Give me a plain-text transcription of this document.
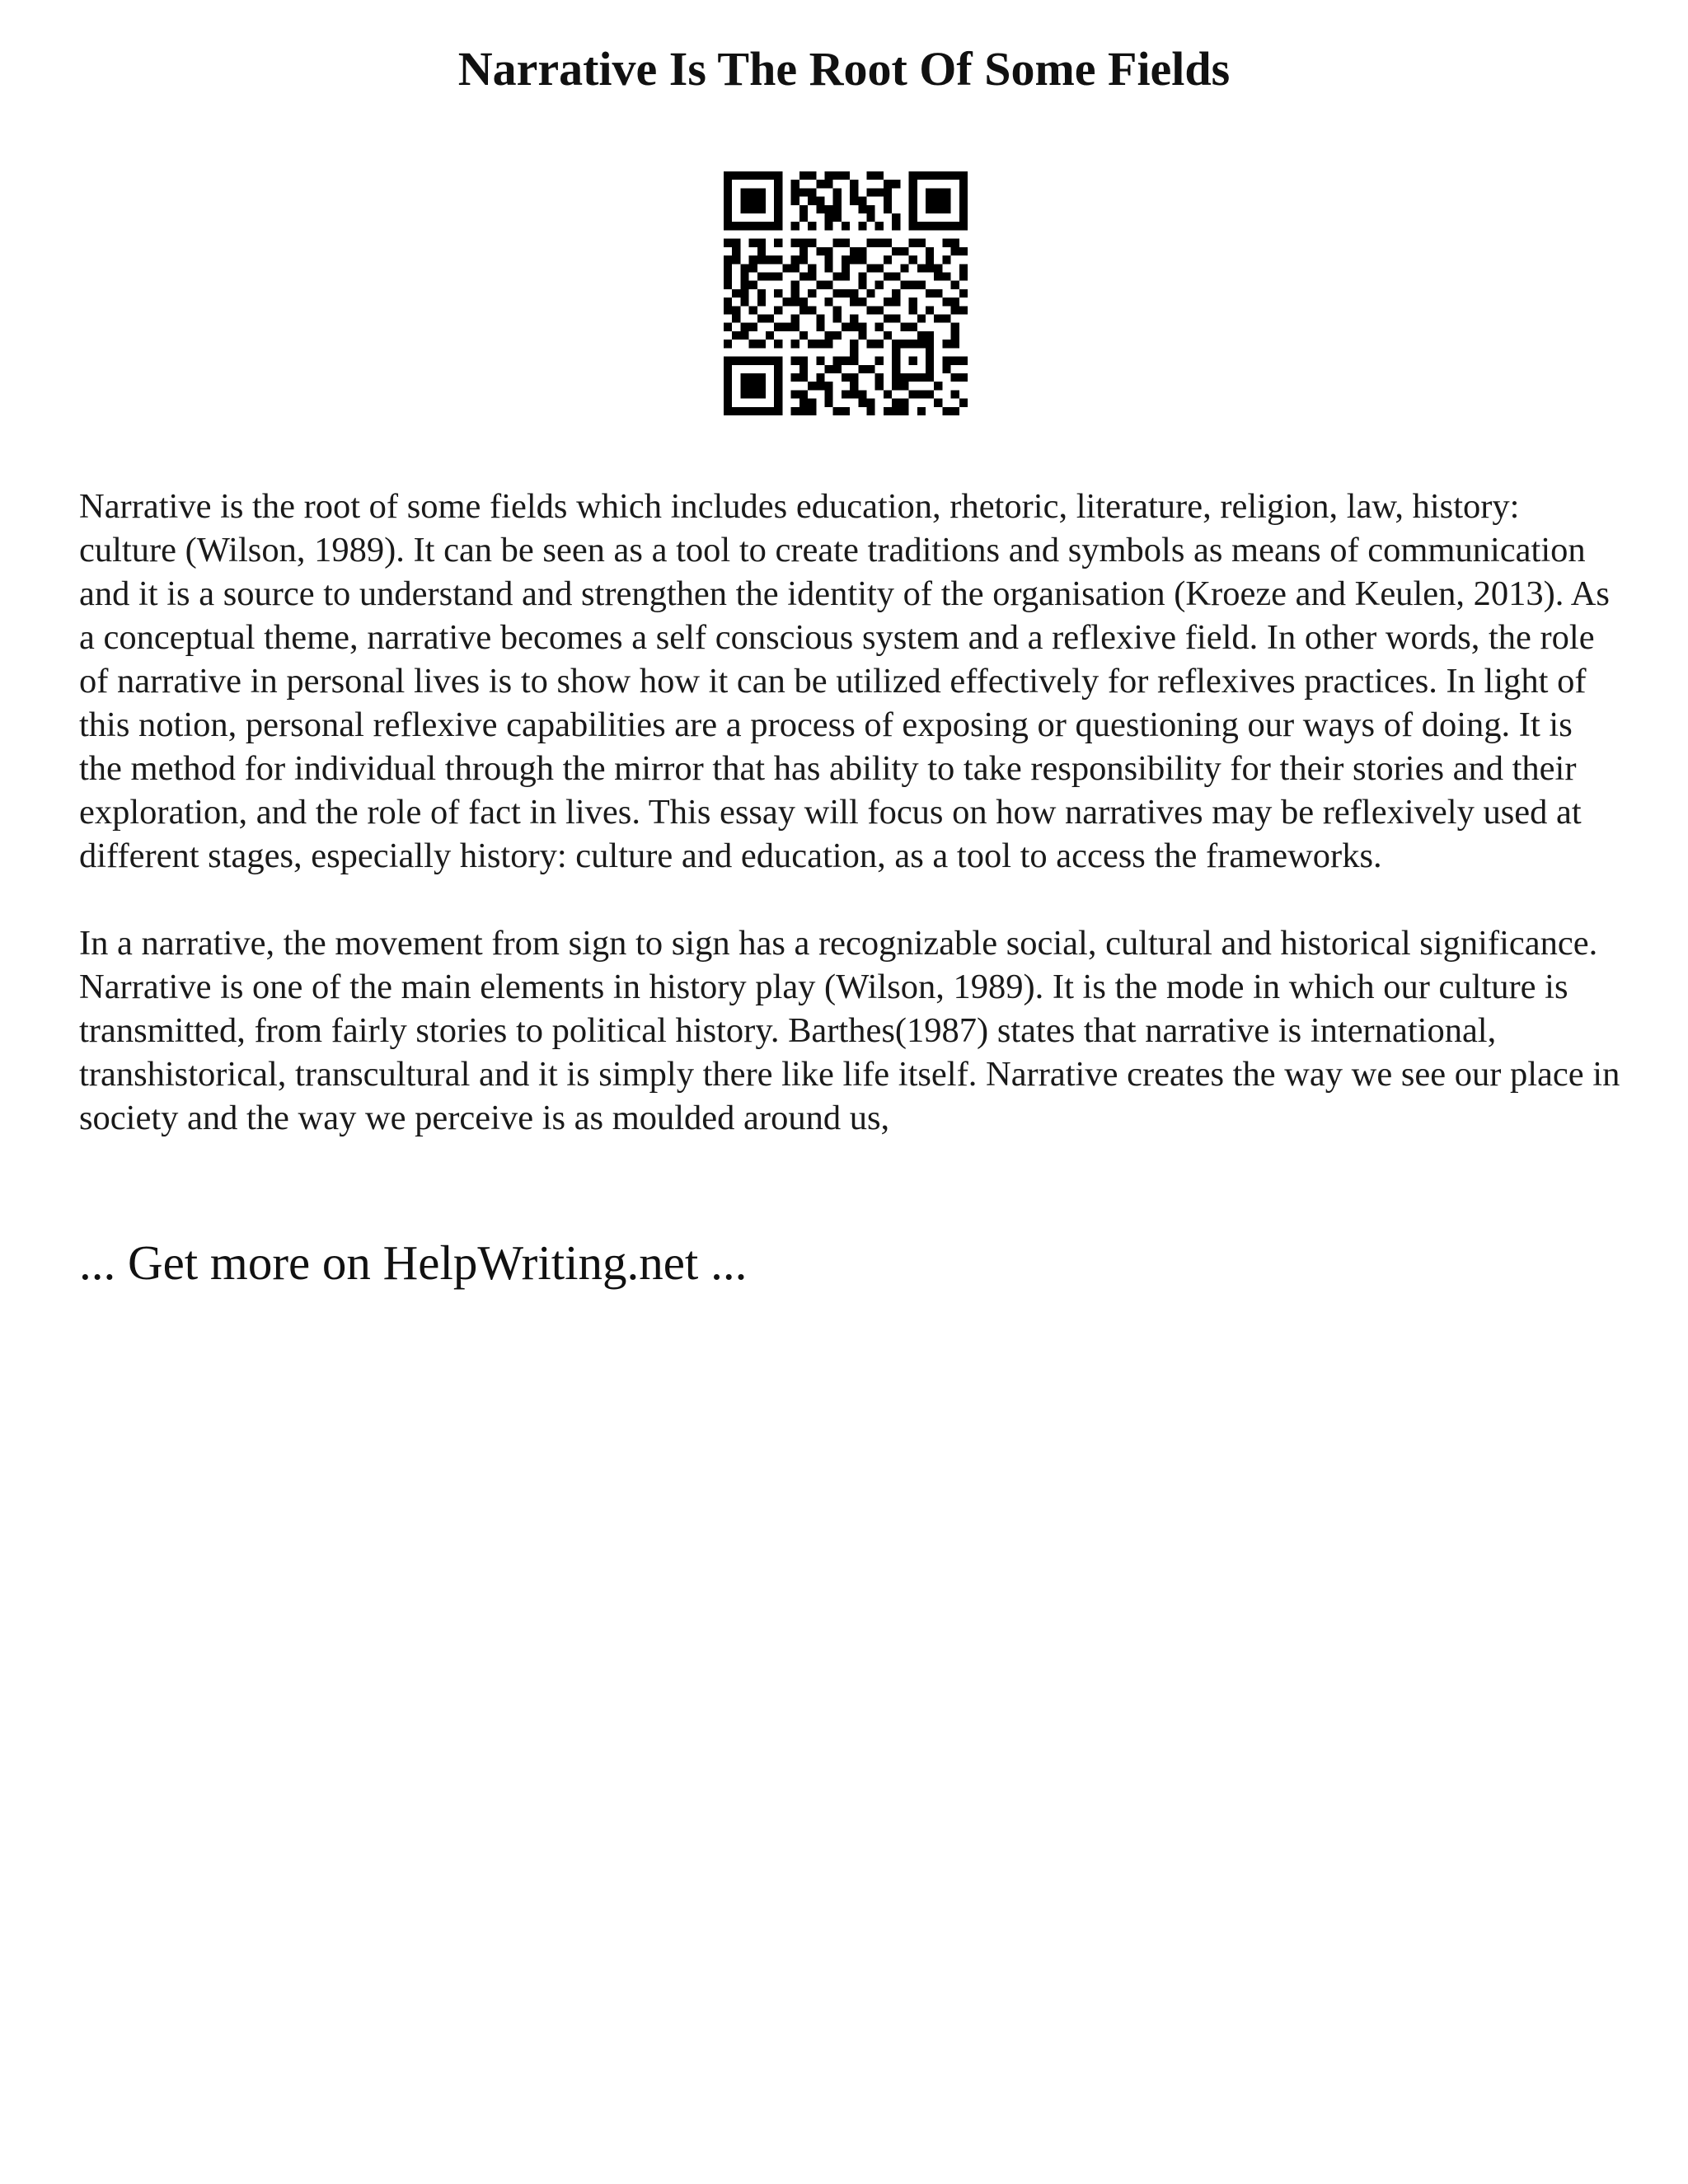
Narrative Is The Root Of Some Fields

Narrative is the root of some fields which includes education, rhetoric, literature, religion, law, history: culture (Wilson, 1989). It can be seen as a tool to create traditions and symbols as means of communication and it is a source to understand and strengthen the identity of the organisation (Kroeze and Keulen, 2013). As a conceptual theme, narrative becomes a self conscious system and a reflexive field. In other words, the role of narrative in personal lives is to show how it can be utilized effectively for reflexives practices. In light of this notion, personal reflexive capabilities are a process of exposing or questioning our ways of doing. It is the method for individual through the mirror that has ability to take responsibility for their stories and their exploration, and the role of fact in lives. This essay will focus on how narratives may be reflexively used at different stages, especially history: culture and education, as a tool to access the frameworks.

In a narrative, the movement from sign to sign has a recognizable social, cultural and historical significance. Narrative is one of the main elements in history play (Wilson, 1989). It is the mode in which our culture is transmitted, from fairly stories to political history. Barthes(1987) states that narrative is international, transhistorical, transcultural and it is simply there like life itself. Narrative creates the way we see our place in society and the way we perceive is as moulded around us,

... Get more on HelpWriting.net ...
